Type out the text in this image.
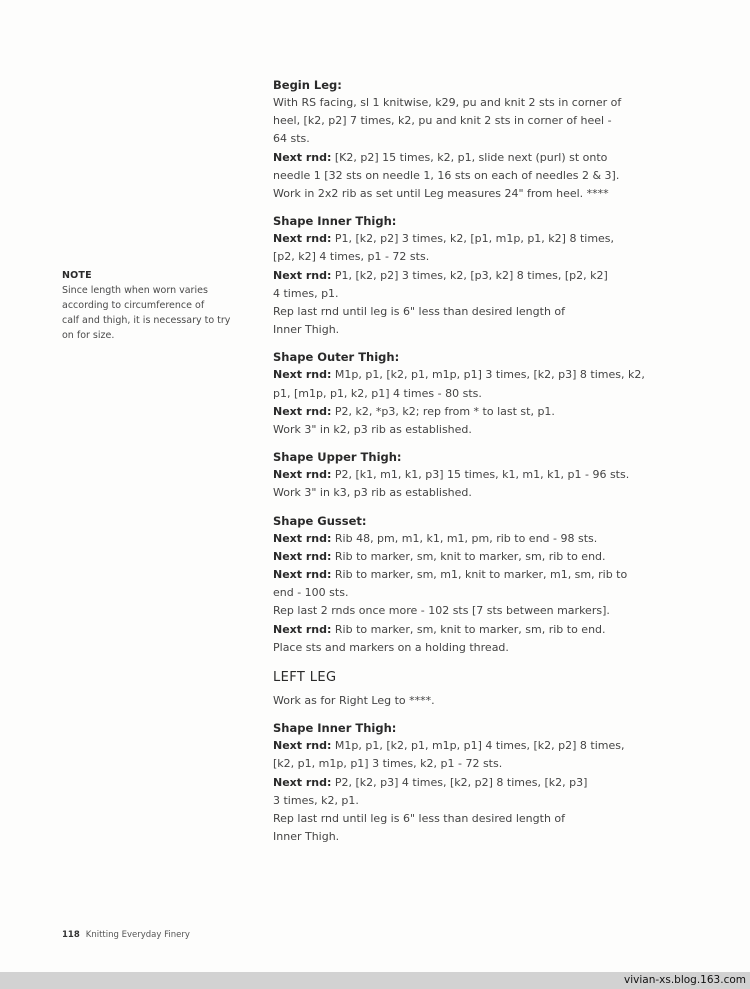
NOTE
Since length when worn varies
according to circumference of
calf and thigh, it is necessary to try
on for size.
Begin Leg:
With RS facing, sl 1 knitwise, k29, pu and knit 2 sts in corner of
heel, [k2, p2] 7 times, k2, pu and knit 2 sts in corner of heel -
64 sts.
Next rnd: [K2, p2] 15 times, k2, p1, slide next (purl) st onto
needle 1 [32 sts on needle 1, 16 sts on each of needles 2 & 3].
Work in 2x2 rib as set until Leg measures 24" from heel. ****
Shape Inner Thigh:
Next rnd: P1, [k2, p2] 3 times, k2, [p1, m1p, p1, k2] 8 times,
[p2, k2] 4 times, p1 - 72 sts.
Next rnd: P1, [k2, p2] 3 times, k2, [p3, k2] 8 times, [p2, k2]
4 times, p1.
Rep last rnd until leg is 6" less than desired length of
Inner Thigh.
Shape Outer Thigh:
Next rnd: M1p, p1, [k2, p1, m1p, p1] 3 times, [k2, p3] 8 times, k2,
p1, [m1p, p1, k2, p1] 4 times - 80 sts.
Next rnd: P2, k2, *p3, k2; rep from * to last st, p1.
Work 3" in k2, p3 rib as established.
Shape Upper Thigh:
Next rnd: P2, [k1, m1, k1, p3] 15 times, k1, m1, k1, p1 - 96 sts.
Work 3" in k3, p3 rib as established.
Shape Gusset:
Next rnd: Rib 48, pm, m1, k1, m1, pm, rib to end - 98 sts.
Next rnd: Rib to marker, sm, knit to marker, sm, rib to end.
Next rnd: Rib to marker, sm, m1, knit to marker, m1, sm, rib to
end - 100 sts.
Rep last 2 rnds once more - 102 sts [7 sts between markers].
Next rnd: Rib to marker, sm, knit to marker, sm, rib to end.
Place sts and markers on a holding thread.
LEFT LEG
Work as for Right Leg to ****.
Shape Inner Thigh:
Next rnd: M1p, p1, [k2, p1, m1p, p1] 4 times, [k2, p2] 8 times,
[k2, p1, m1p, p1] 3 times, k2, p1 - 72 sts.
Next rnd: P2, [k2, p3] 4 times, [k2, p2] 8 times, [k2, p3]
3 times, k2, p1.
Rep last rnd until leg is 6" less than desired length of
Inner Thigh.
118 Knitting Everyday Finery
vivian-xs.blog.163.com
